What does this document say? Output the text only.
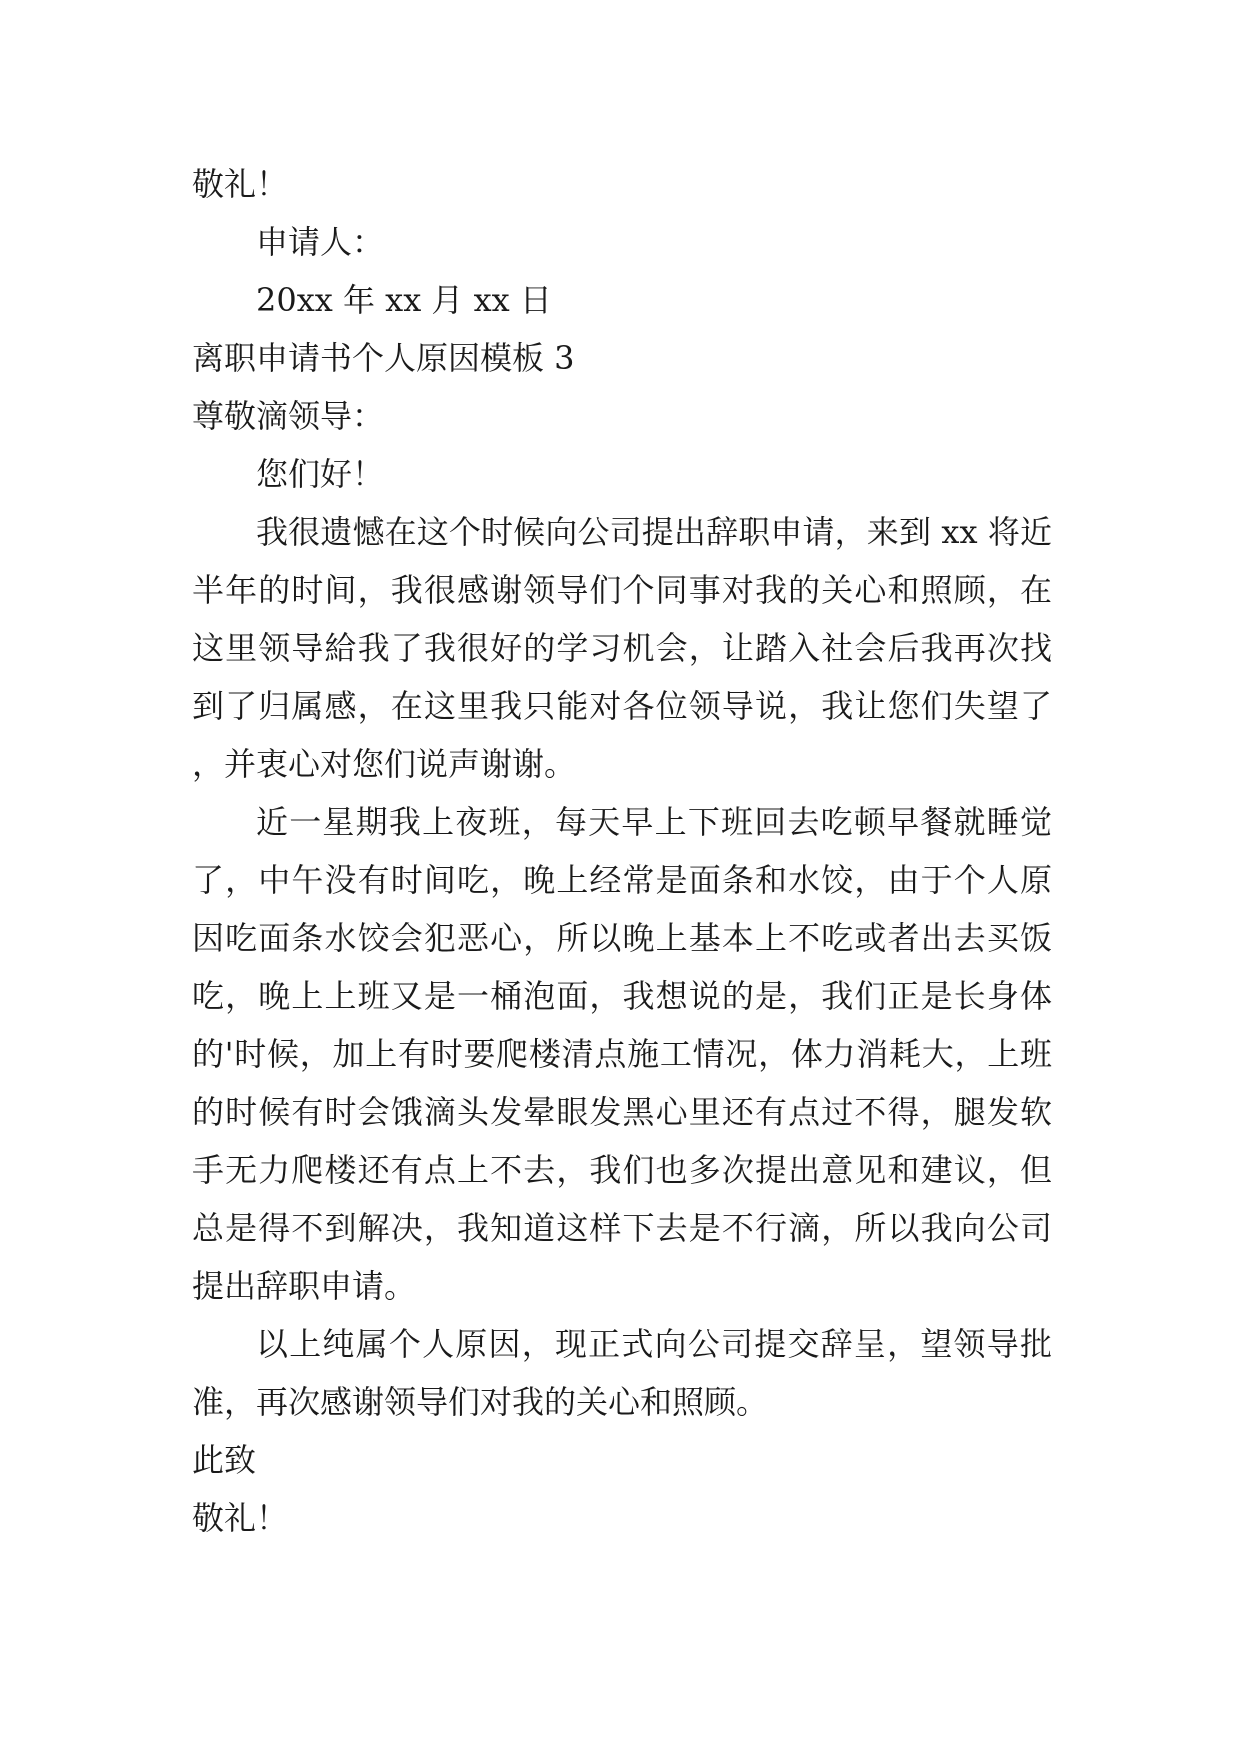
敬礼！
申请人：
20xx 年 xx 月 xx 日
离职申请书个人原因模板 3
尊敬滴领导：
您们好！
我很遗憾在这个时候向公司提出辞职申请，来到 xx 将近半年的时间，我很感谢领导们个同事对我的关心和照顾，在这里领导給我了我很好的学习机会，让踏入社会后我再次找到了归属感，在这里我只能对各位领导说，我让您们失望了，并衷心对您们说声谢谢。
近一星期我上夜班，每天早上下班回去吃顿早餐就睡觉了，中午没有时间吃，晚上经常是面条和水饺，由于个人原因吃面条水饺会犯恶心，所以晚上基本上不吃或者出去买饭吃，晚上上班又是一桶泡面，我想说的是，我们正是长身体的'时候，加上有时要爬楼清点施工情况，体力消耗大，上班的时候有时会饿滴头发晕眼发黑心里还有点过不得，腿发软手无力爬楼还有点上不去，我们也多次提出意见和建议，但总是得不到解决，我知道这样下去是不行滴，所以我向公司提出辞职申请。
以上纯属个人原因，现正式向公司提交辞呈，望领导批准，再次感谢领导们对我的关心和照顾。
此致
敬礼！
